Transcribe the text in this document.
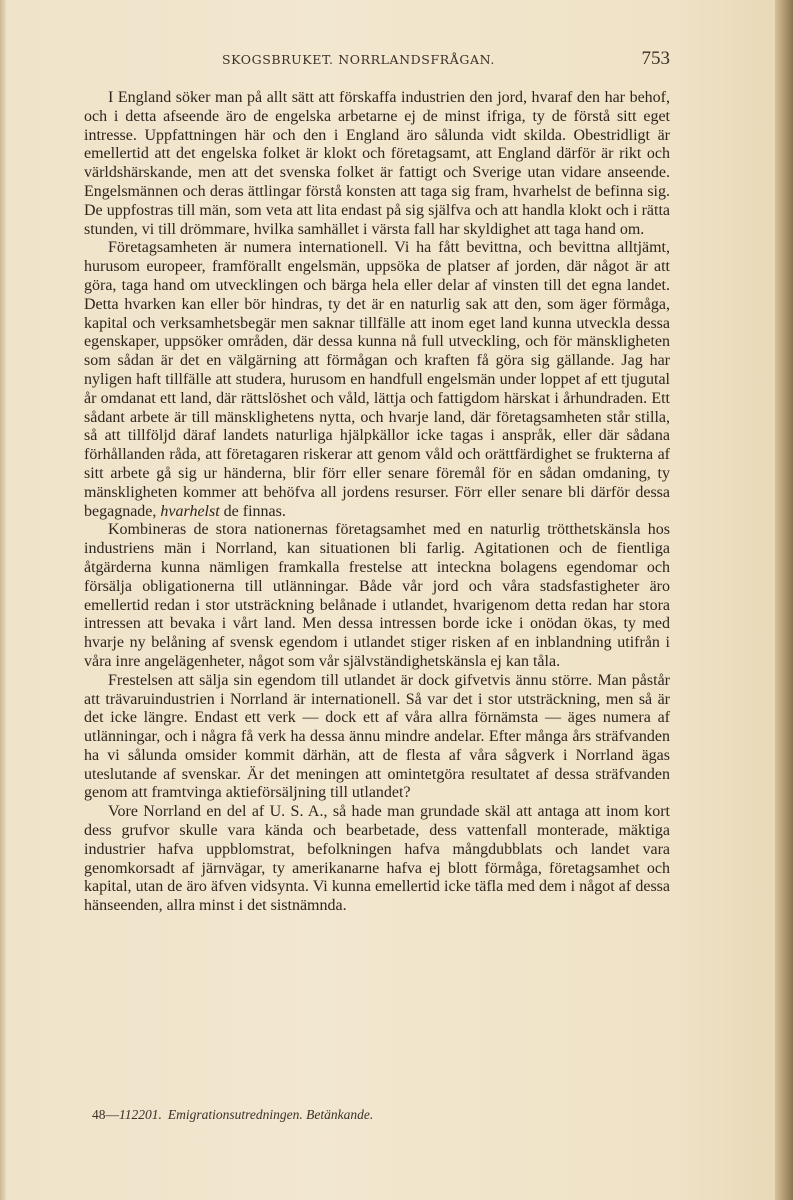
SKOGSBRUKET. NORRLANDSFRÅGAN.	753

I England söker man på allt sätt att förskaffa industrien den jord, hvaraf den har behof, och i detta afseende äro de engelska arbetarne ej de minst ifriga, ty de förstå sitt eget intresse. Uppfattningen här och den i England äro sålunda vidt skilda. Obestridligt är emellertid att det engelska folket är klokt och företagsamt, att England därför är rikt och världshärskande, men att det svenska folket är fattigt och Sverige utan vidare anseende. Engelsmännen och deras ättlingar förstå konsten att taga sig fram, hvarhelst de befinna sig. De uppfostras till män, som veta att lita endast på sig själfva och att handla klokt och i rätta stunden, vi till drömmare, hvilka samhället i värsta fall har skyldighet att taga hand om.

Företagsamheten är numera internationell. Vi ha fått bevittna, och bevittna alltjämt, hurusom europeer, framförallt engelsmän, uppsöka de platser af jorden, där något är att göra, taga hand om utvecklingen och bärga hela eller delar af vinsten till det egna landet. Detta hvarken kan eller bör hindras, ty det är en naturlig sak att den, som äger förmåga, kapital och verksamhetsbegär men saknar tillfälle att inom eget land kunna utveckla dessa egenskaper, uppsöker områden, där dessa kunna nå full utveckling, och för mänskligheten som sådan är det en välgärning att förmågan och kraften få göra sig gällande. Jag har nyligen haft tillfälle att studera, hurusom en handfull engelsmän under loppet af ett tjugutal år omdanat ett land, där rättslöshet och våld, lättja och fattigdom härskat i århundraden. Ett sådant arbete är till mänsklighetens nytta, och hvarje land, där företagsamheten står stilla, så att tillföljd däraf landets naturliga hjälpkällor icke tagas i anspråk, eller där sådana förhållanden råda, att företagaren riskerar att genom våld och orättfärdighet se frukterna af sitt arbete gå sig ur händerna, blir förr eller senare föremål för en sådan omdaning, ty mänskligheten kommer att behöfva all jordens resurser. Förr eller senare bli därför dessa begagnade, hvarhelst de finnas.

Kombineras de stora nationernas företagsamhet med en naturlig trötthetskänsla hos industriens män i Norrland, kan situationen bli farlig. Agitationen och de fientliga åtgärderna kunna nämligen framkalla frestelse att inteckna bolagens egendomar och försälja obligationerna till utlänningar. Både vår jord och våra stadsfastigheter äro emellertid redan i stor utsträckning belånade i utlandet, hvarigenom detta redan har stora intressen att bevaka i vårt land. Men dessa intressen borde icke i onödan ökas, ty med hvarje ny belåning af svensk egendom i utlandet stiger risken af en inblandning utifrån i våra inre angelägenheter, något som vår självständighetskänsla ej kan tåla.

Frestelsen att sälja sin egendom till utlandet är dock gifvetvis ännu större. Man påstår att trävaruindustrien i Norrland är internationell. Så var det i stor utsträckning, men så är det icke längre. Endast ett verk — dock ett af våra allra förnämsta — äges numera af utlänningar, och i några få verk ha dessa ännu mindre andelar. Efter många års sträfvanden ha vi sålunda omsider kommit därhän, att de flesta af våra sågverk i Norrland ägas uteslutande af svenskar. Är det meningen att omintetgöra resultatet af dessa sträfvanden genom att framtvinga aktieförsäljning till utlandet?

Vore Norrland en del af U. S. A., så hade man grundade skäl att antaga att inom kort dess grufvor skulle vara kända och bearbetade, dess vattenfall monterade, mäktiga industrier hafva uppblomstrat, befolkningen hafva mångdubblats och landet vara genomkorsadt af järnvägar, ty amerikanarne hafva ej blott förmåga, företagsamhet och kapital, utan de äro äfven vidsynta. Vi kunna emellertid icke täfla med dem i något af dessa hänseenden, allra minst i det sistnämnda.

48—112201. Emigrationsutredningen. Betänkande.
